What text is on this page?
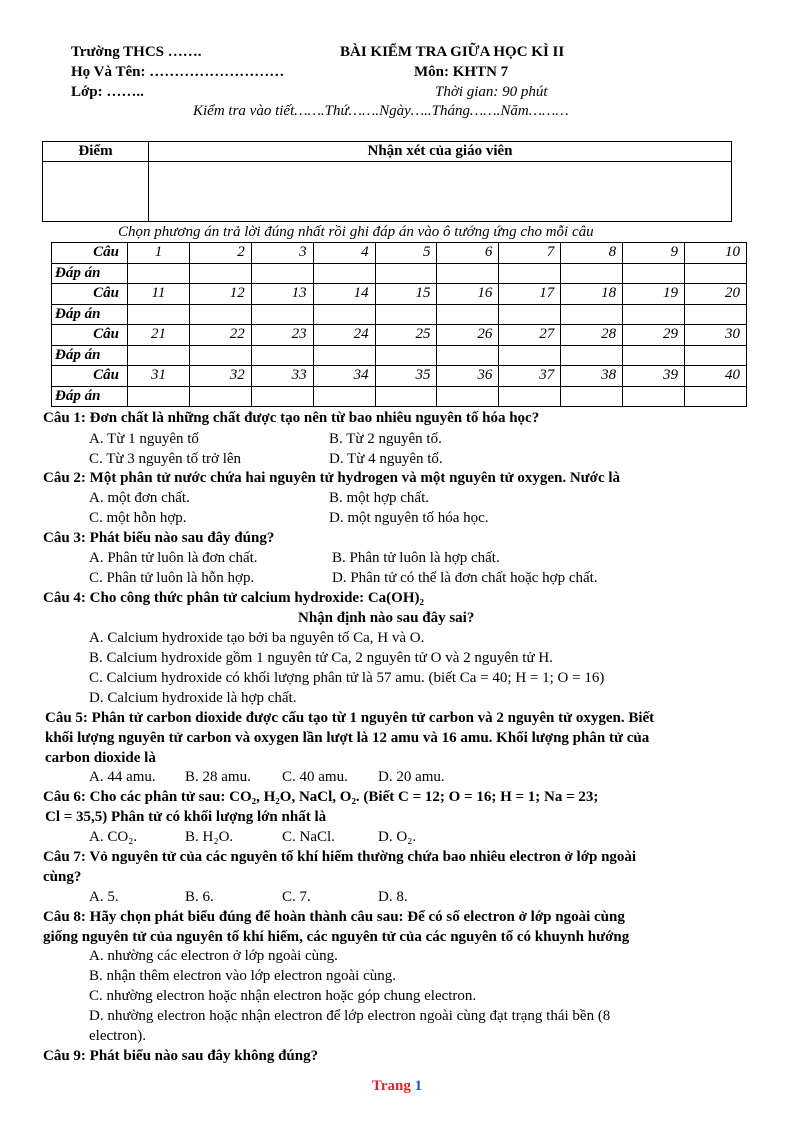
Trường THCS …….
Họ Và Tên: ………………………
Lớp: ……..
BÀI KIỂM TRA GIỮA HỌC KÌ II
Môn: KHTN 7
Thời gian: 90 phút
Kiểm tra vào tiết…….Thứ…….Ngày…..Tháng…….Năm………
Điểm	Nhận xét của giáo viên

Chọn phương án trả lời đúng nhất rồi ghi đáp án vào ô tướng ứng cho mỗi câu
Câu	1	2	3	4	5	6	7	8	9	10
Đáp án										
Câu	11	12	13	14	15	16	17	18	19	20
Đáp án										
Câu	21	22	23	24	25	26	27	28	29	30
Đáp án										
Câu	31	32	33	34	35	36	37	38	39	40
Đáp án										
Câu 1: Đơn chất là những chất được tạo nên từ bao nhiêu nguyên tố hóa học?
A. Từ 1 nguyên tố	B. Từ 2 nguyên tố.
C. Từ 3 nguyên tố trở lên	D. Từ 4 nguyên tố.
Câu 2: Một phân tử nước chứa hai nguyên tử hydrogen và một nguyên tử oxygen. Nước là
A. một đơn chất.	B. một hợp chất.
C. một hỗn hợp.	D. một nguyên tố hóa học.
Câu 3: Phát biểu nào sau đây đúng?
A. Phân tử luôn là đơn chất.	B. Phân tử luôn là hợp chất.
C. Phân tử luôn là hỗn hợp.	D. Phân tử có thể là đơn chất hoặc hợp chất.
Câu 4: Cho công thức phân tử calcium hydroxide: Ca(OH)₂
Nhận định nào sau đây sai?
A. Calcium hydroxide tạo bởi ba nguyên tố Ca, H và O.
B. Calcium hydroxide gồm 1 nguyên tử Ca, 2 nguyên tử O và 2 nguyên tử H.
C. Calcium hydroxide có khối lượng phân tử là 57 amu. (biết Ca = 40; H = 1; O = 16)
D. Calcium hydroxide là hợp chất.
Câu 5: Phân tử carbon dioxide được cấu tạo từ 1 nguyên tử carbon và 2 nguyên tử oxygen. Biết
khối lượng nguyên tử carbon và oxygen lần lượt là 12 amu và 16 amu. Khối lượng phân tử của
carbon dioxide là
A. 44 amu. B. 28 amu. C. 40 amu. D. 20 amu.
Câu 6: Cho các phân tử sau: CO₂, H₂O, NaCl, O₂. (Biết C = 12; O = 16; H = 1; Na = 23;
Cl = 35,5) Phân tử có khối lượng lớn nhất là
A. CO₂.	B. H₂O.	C. NaCl.	D. O₂.
Câu 7: Vỏ nguyên tử của các nguyên tố khí hiếm thường chứa bao nhiêu electron ở lớp ngoài
cùng?
A. 5.	B. 6.	C. 7.	D. 8.
Câu 8: Hãy chọn phát biểu đúng để hoàn thành câu sau: Để có số electron ở lớp ngoài cùng
giống nguyên tử của nguyên tố khí hiếm, các nguyên tử của các nguyên tố có khuynh hướng
A. nhường các electron ở lớp ngoài cùng.
B. nhận thêm electron vào lớp electron ngoài cùng.
C. nhường electron hoặc nhận electron hoặc góp chung electron.
D. nhường electron hoặc nhận electron để lớp electron ngoài cùng đạt trạng thái bền (8
electron).
Câu 9: Phát biểu nào sau đây không đúng?
Trang 1
